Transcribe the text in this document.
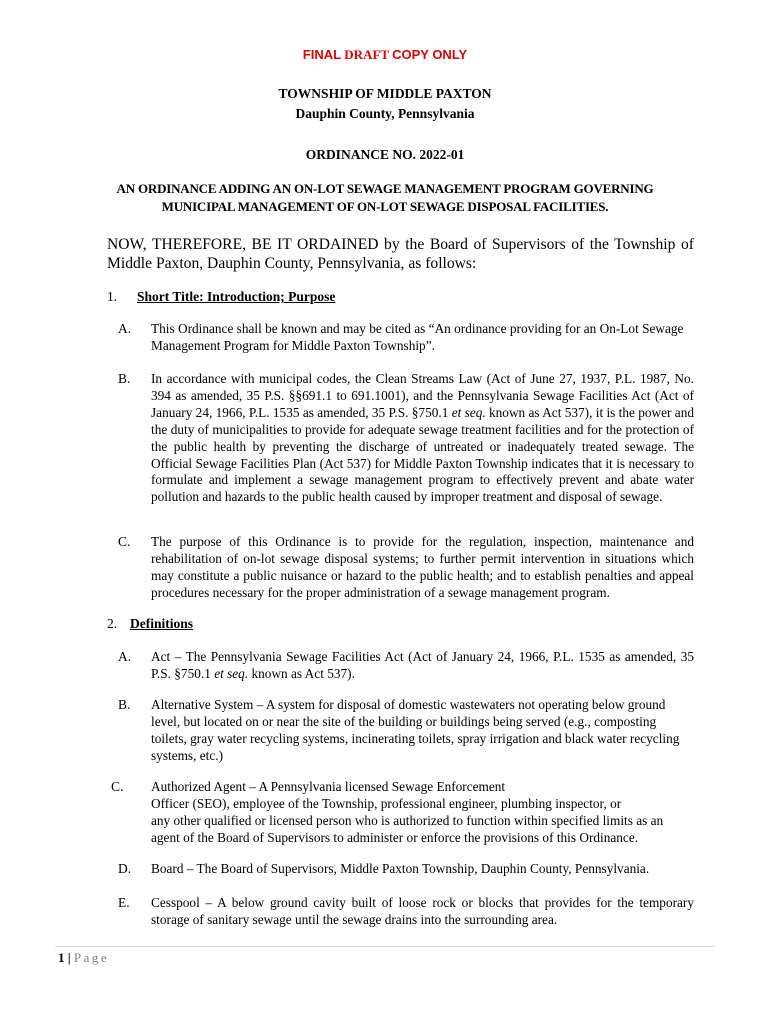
FINAL DRAFT COPY ONLY
TOWNSHIP OF MIDDLE PAXTON
Dauphin County, Pennsylvania
ORDINANCE NO. 2022-01
AN ORDINANCE ADDING AN ON-LOT SEWAGE MANAGEMENT PROGRAM GOVERNING
MUNICIPAL MANAGEMENT OF ON-LOT SEWAGE DISPOSAL FACILITIES.
NOW, THEREFORE, BE IT ORDAINED by the Board of Supervisors of the Township of Middle Paxton, Dauphin County, Pennsylvania, as follows:
1. Short Title: Introduction; Purpose
A. This Ordinance shall be known and may be cited as “An ordinance providing for an On-Lot Sewage Management Program for Middle Paxton Township”.
B. In accordance with municipal codes, the Clean Streams Law (Act of June 27, 1937, P.L. 1987, No. 394 as amended, 35 P.S. §§691.1 to 691.1001), and the Pennsylvania Sewage Facilities Act (Act of January 24, 1966, P.L. 1535 as amended, 35 P.S. §750.1 et seq. known as Act 537), it is the power and the duty of municipalities to provide for adequate sewage treatment facilities and for the protection of the public health by preventing the discharge of untreated or inadequately treated sewage. The Official Sewage Facilities Plan (Act 537) for Middle Paxton Township indicates that it is necessary to formulate and implement a sewage management program to effectively prevent and abate water pollution and hazards to the public health caused by improper treatment and disposal of sewage.
C. The purpose of this Ordinance is to provide for the regulation, inspection, maintenance and rehabilitation of on-lot sewage disposal systems; to further permit intervention in situations which may constitute a public nuisance or hazard to the public health; and to establish penalties and appeal procedures necessary for the proper administration of a sewage management program.
2. Definitions
A. Act – The Pennsylvania Sewage Facilities Act (Act of January 24, 1966, P.L. 1535 as amended, 35 P.S. §750.1 et seq. known as Act 537).
B. Alternative System – A system for disposal of domestic wastewaters not operating below ground level, but located on or near the site of the building or buildings being served (e.g., composting toilets, gray water recycling systems, incinerating toilets, spray irrigation and black water recycling systems, etc.)
C. Authorized Agent – A Pennsylvania licensed Sewage Enforcement
Officer (SEO), employee of the Township, professional engineer, plumbing inspector, or
any other qualified or licensed person who is authorized to function within specified limits as an
agent of the Board of Supervisors to administer or enforce the provisions of this Ordinance.
D. Board – The Board of Supervisors, Middle Paxton Township, Dauphin County, Pennsylvania.
E. Cesspool – A below ground cavity built of loose rock or blocks that provides for the temporary storage of sanitary sewage until the sewage drains into the surrounding area.
1 | Page
